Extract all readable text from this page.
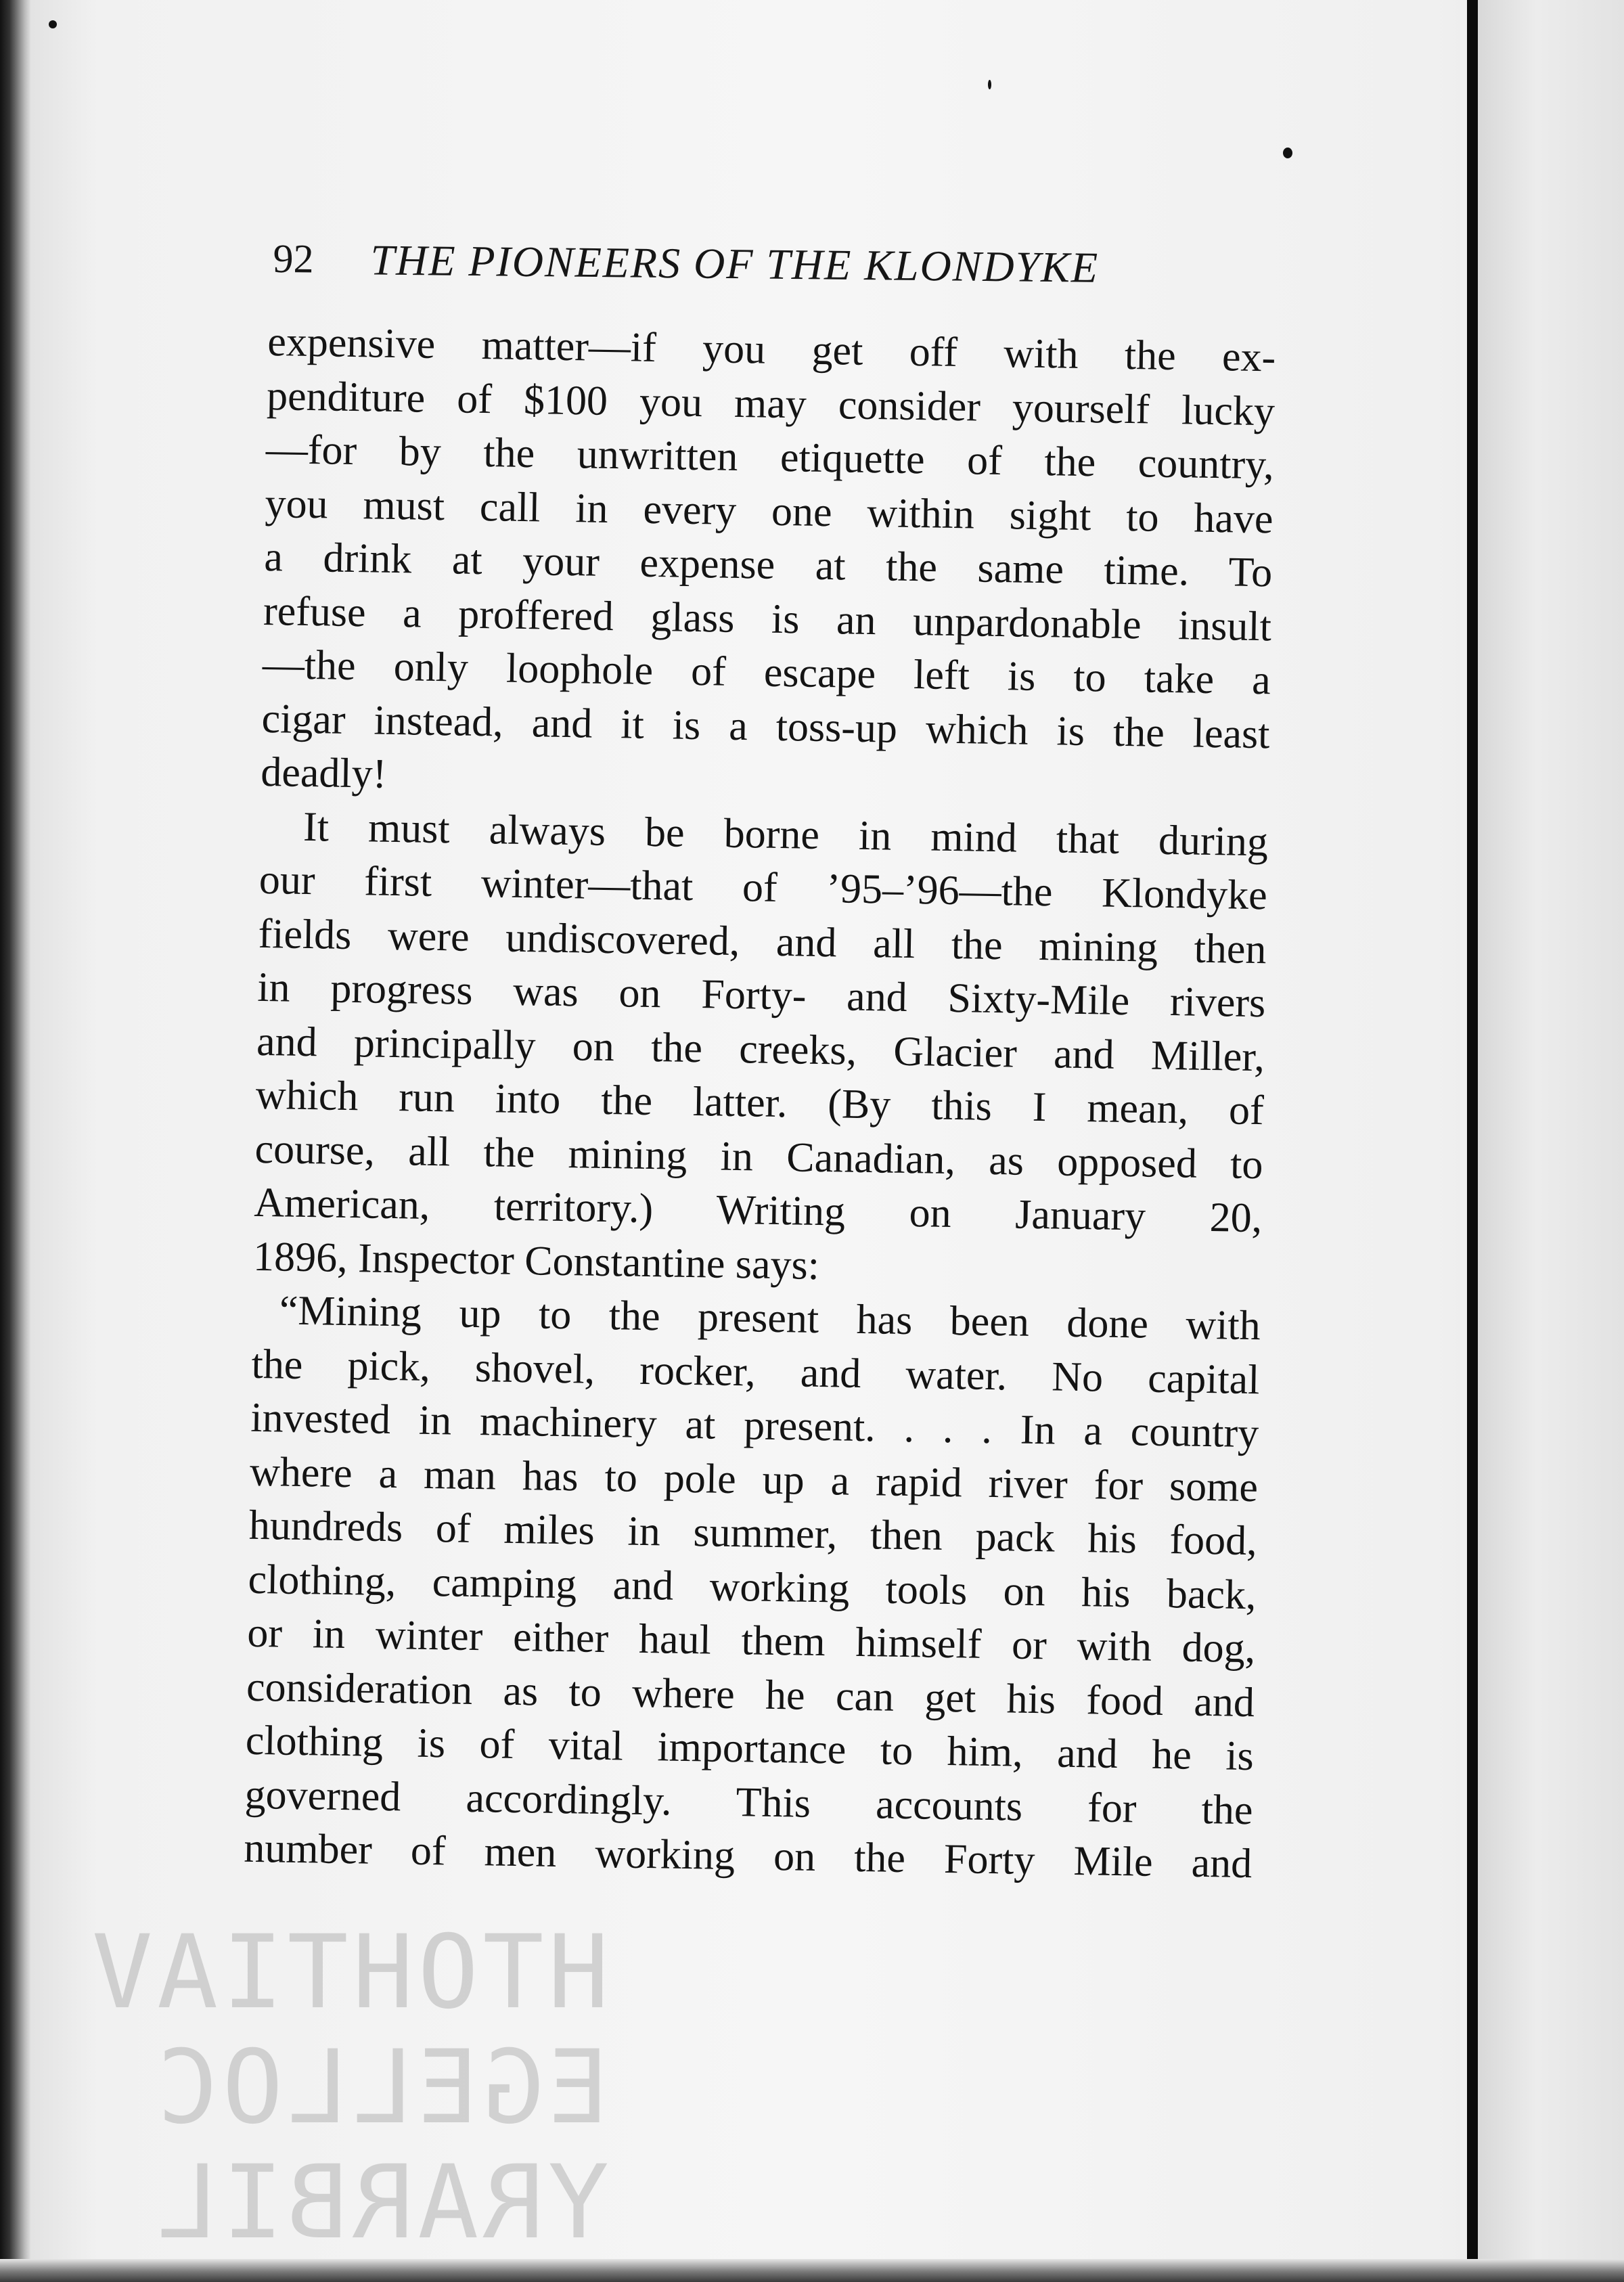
92 THE PIONEERS OF THE KLONDYKE
expensive matter—if you get off with the ex-
penditure of $100 you may consider yourself lucky
—for by the unwritten etiquette of the country,
you must call in every one within sight to have
a drink at your expense at the same time. To
refuse a proffered glass is an unpardonable insult
—the only loophole of escape left is to take a
cigar instead, and it is a toss-up which is the least
deadly!
It must always be borne in mind that during
our first winter—that of ’95–’96—the Klondyke
fields were undiscovered, and all the mining then
in progress was on Forty- and Sixty-Mile rivers
and principally on the creeks, Glacier and Miller,
which run into the latter. (By this I mean, of
course, all the mining in Canadian, as opposed to
American, territory.) Writing on January 20,
1896, Inspector Constantine says:
“Mining up to the present has been done with
the pick, shovel, rocker, and water. No capital
invested in machinery at present. . . . In a country
where a man has to pole up a rapid river for some
hundreds of miles in summer, then pack his food,
clothing, camping and working tools on his back,
or in winter either haul them himself or with dog,
consideration as to where he can get his food and
clothing is of vital importance to him, and he is
governed accordingly. This accounts for the
number of men working on the Forty Mile and
HTOHTIAV
EGELLOC
YRARBIL
